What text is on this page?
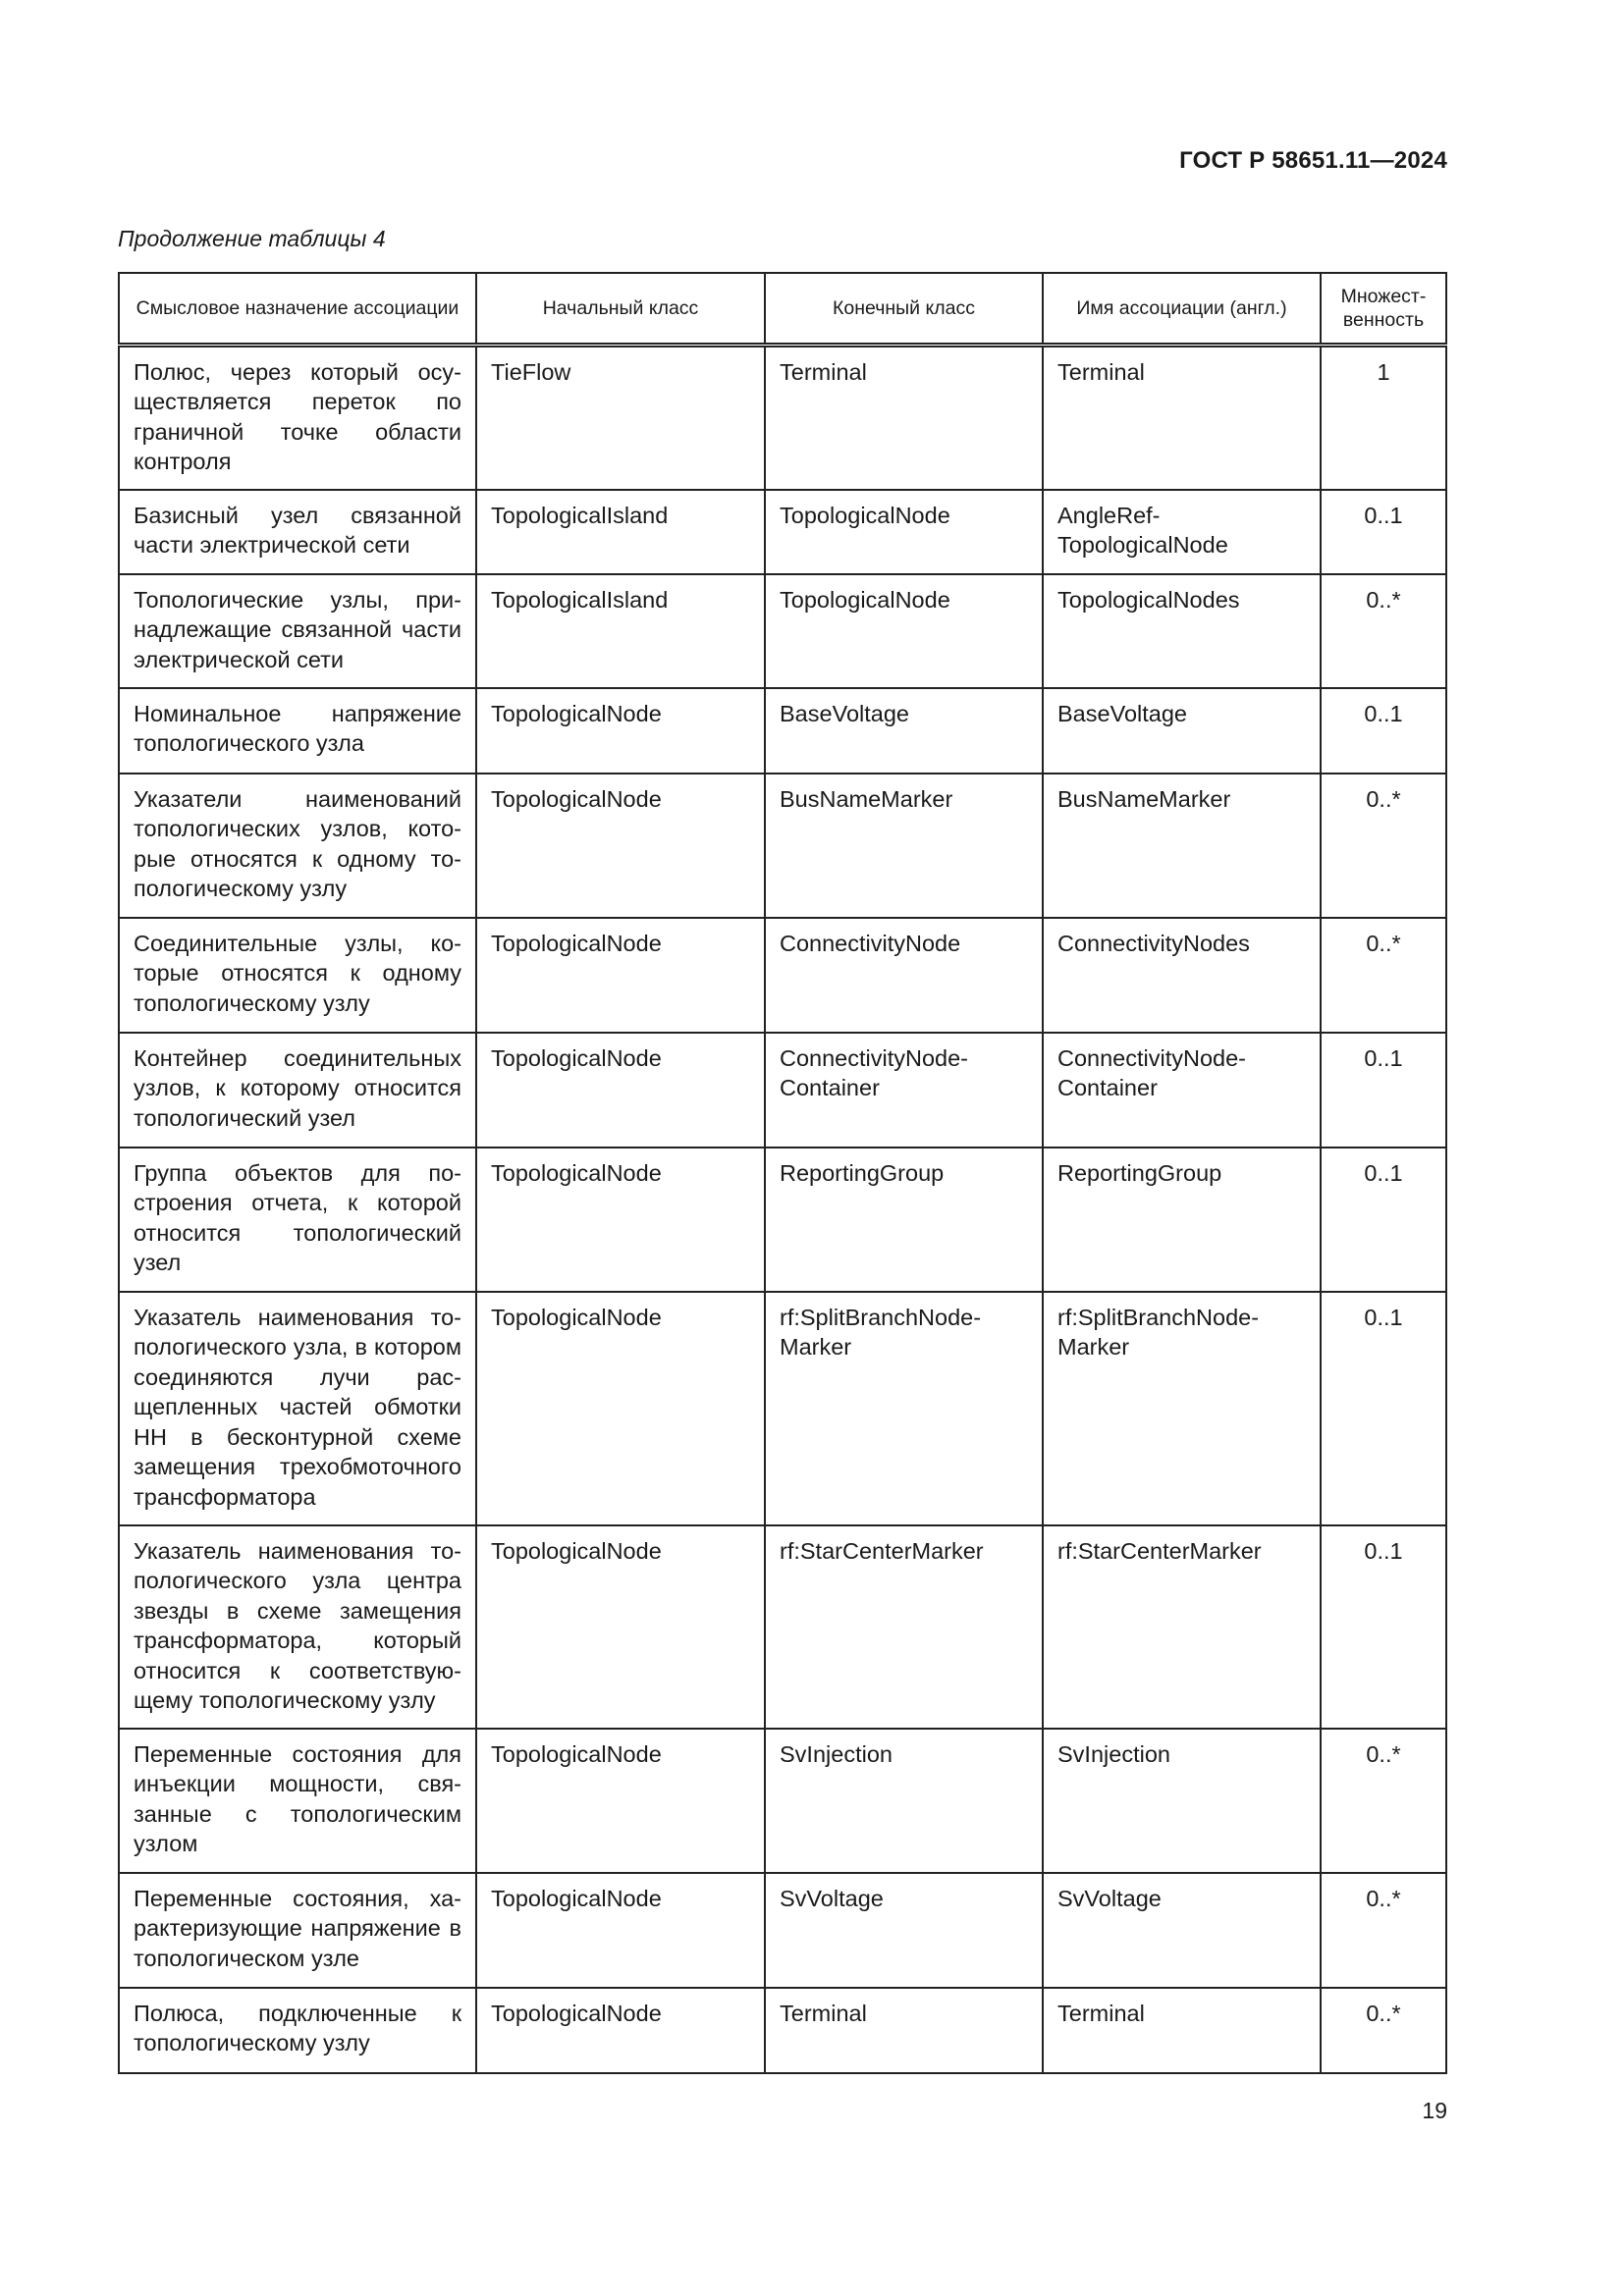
ГОСТ Р 58651.11—2024
Продолжение таблицы 4
Смысловое назначение ассоциации	Начальный класс	Конечный класс	Имя ассоциации (англ.)	Множест-венность
Полюс, через который осуществляется переток по граничной точке области контроля	TieFlow	Terminal	Terminal	1
Базисный узел связанной части электрической сети	TopologicalIsland	TopologicalNode	AngleRef-TopologicalNode	0..1
Топологические узлы, принадлежащие связанной части электрической сети	TopologicalIsland	TopologicalNode	TopologicalNodes	0..*
Номинальное напряжение топологического узла	TopologicalNode	BaseVoltage	BaseVoltage	0..1
Указатели наименований топологических узлов, которые относятся к одному топологическому узлу	TopologicalNode	BusNameMarker	BusNameMarker	0..*
Соединительные узлы, которые относятся к одному топологическому узлу	TopologicalNode	ConnectivityNode	ConnectivityNodes	0..*
Контейнер соединительных узлов, к которому относится топологический узел	TopologicalNode	ConnectivityNode-Container	ConnectivityNode-Container	0..1
Группа объектов для построения отчета, к которой относится топологический узел	TopologicalNode	ReportingGroup	ReportingGroup	0..1
Указатель наименования топологического узла, в котором соединяются лучи расщепленных частей обмотки НН в бесконтурной схеме замещения трехобмоточного трансформатора	TopologicalNode	rf:SplitBranchNode-Marker	rf:SplitBranchNode-Marker	0..1
Указатель наименования топологического узла центра звезды в схеме замещения трансформатора, который относится к соответствующему топологическому узлу	TopologicalNode	rf:StarCenterMarker	rf:StarCenterMarker	0..1
Переменные состояния для инъекции мощности, связанные с топологическим узлом	TopologicalNode	SvInjection	SvInjection	0..*
Переменные состояния, характеризующие напряжение в топологическом узле	TopologicalNode	SvVoltage	SvVoltage	0..*
Полюса, подключенные к топологическому узлу	TopologicalNode	Terminal	Terminal	0..*
19
